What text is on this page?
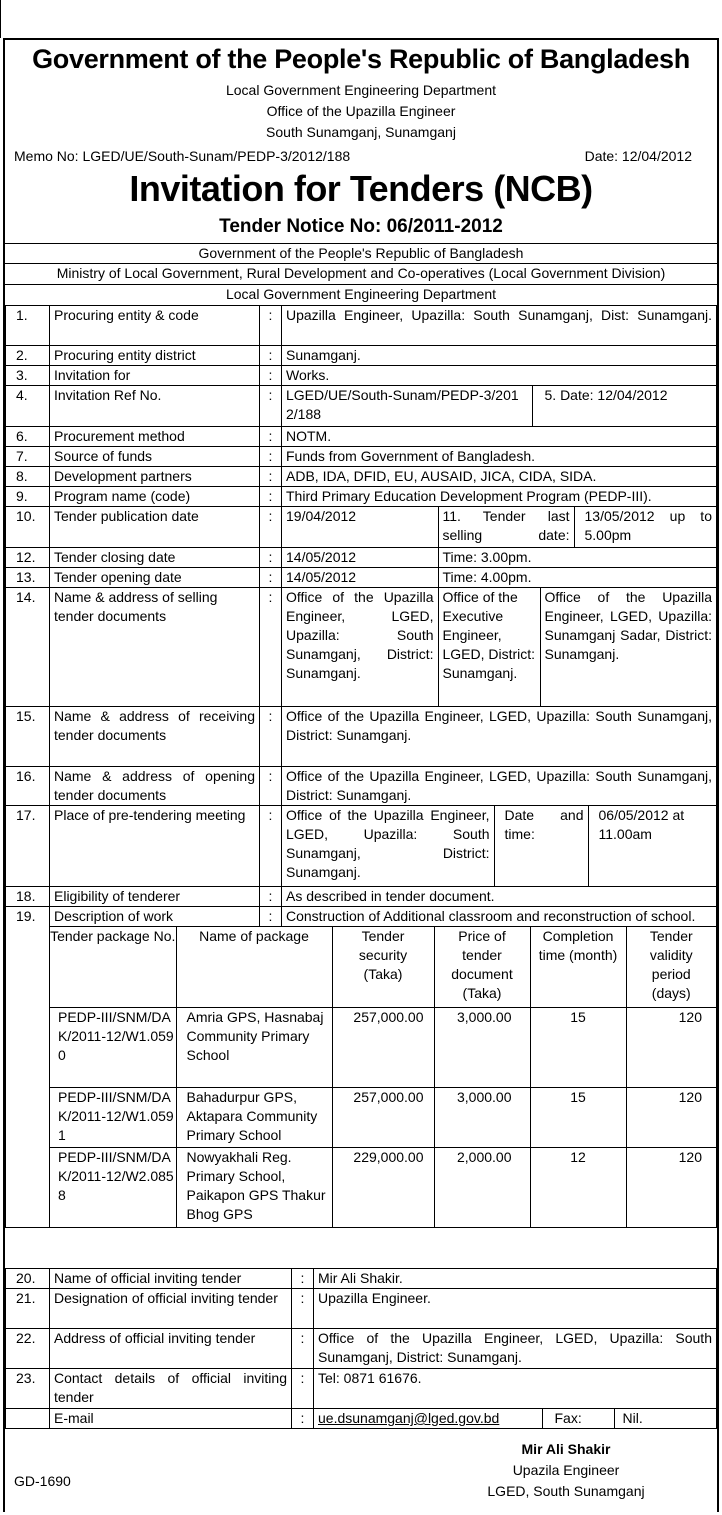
Government of the People's Republic of Bangladesh
Local Government Engineering Department
Office of the Upazilla Engineer
South Sunamganj, Sunamganj
Memo No: LGED/UE/South-Sunam/PEDP-3/2012/188	Date: 12/04/2012
Invitation for Tenders (NCB)
Tender Notice No: 06/2011-2012
Government of the People's Republic of Bangladesh
Ministry of Local Government, Rural Development and Co-operatives (Local Government Division)
Local Government Engineering Department
1.	Procuring entity & code	:	Upazilla Engineer, Upazilla: South Sunamganj, Dist: Sunamganj.
2.	Procuring entity district	:	Sunamganj.
3.	Invitation for	:	Works.
4.	Invitation Ref No.	:	LGED/UE/South-Sunam/PEDP-3/2012/188	5. Date: 12/04/2012

6.	Procurement method	:	NOTM.
7.	Source of funds	:	Funds from Government of Bangladesh.
8.	Development partners	:	ADB, IDA, DFID, EU, AUSAID, JICA, CIDA, SIDA.
9.	Program name (code)	:	Third Primary Education Development Program (PEDP-III).
10.	Tender publication date	:	19/04/2012	11. Tender last selling date:	13/05/2012 up to 5.00pm

12.	Tender closing date	:	14/05/2012	Time: 3.00pm.

13.	Tender opening date	:	14/05/2012	Time: 4.00pm.

14.	Name & address of selling tender documents	:	Office of the Upazilla Engineer, LGED, Upazilla: South Sunamganj, District: Sunamganj.	Office of the Executive Engineer, LGED, District: Sunamganj.	Office of the Upazilla Engineer, LGED, Upazilla: Sunamganj Sadar, District: Sunamganj.

15.	Name & address of receiving tender documents	:	Office of the Upazilla Engineer, LGED, Upazilla: South Sunamganj, District: Sunamganj.
16.	Name & address of opening tender documents	:	Office of the Upazilla Engineer, LGED, Upazilla: South Sunamganj, District: Sunamganj.
17.	Place of pre-tendering meeting	:	Office of the Upazilla Engineer, LGED, Upazilla: South Sunamganj, District: Sunamganj.	Date and time:	06/05/2012 at 11.00am

18.	Eligibility of tenderer	:	As described in tender document.
19.	Description of work	:	Construction of Additional classroom and reconstruction of school.

Tender package No.	Name of package	Tender security (Taka)	Price of tender document (Taka)	Completion time (month)	Tender validity period (days)
PEDP-III/SNM/DAK/2011-12/W1.0590	Amria GPS, Hasnabaj Community Primary School	257,000.00	3,000.00	15	120
PEDP-III/SNM/DAK/2011-12/W1.0591	Bahadurpur GPS, Aktapara Community Primary School	257,000.00	3,000.00	15	120
PEDP-III/SNM/DAK/2011-12/W2.0858	Nowyakhali Reg. Primary School, Paikapon GPS Thakur Bhog GPS	229,000.00	2,000.00	12	120
20.	Name of official inviting tender	:	Mir Ali Shakir.
21.	Designation of official inviting tender	:	Upazilla Engineer.
22.	Address of official inviting tender	:	Office of the Upazilla Engineer, LGED, Upazilla: South Sunamganj, District: Sunamganj.
23.	Contact details of official inviting tender	:	Tel: 0871 61676.
	E-mail	:	ue.dsunamganj@lged.gov.bd	Fax:	Nil.
Mir Ali Shakir
Upazila Engineer
LGED, South Sunamganj
GD-1690
